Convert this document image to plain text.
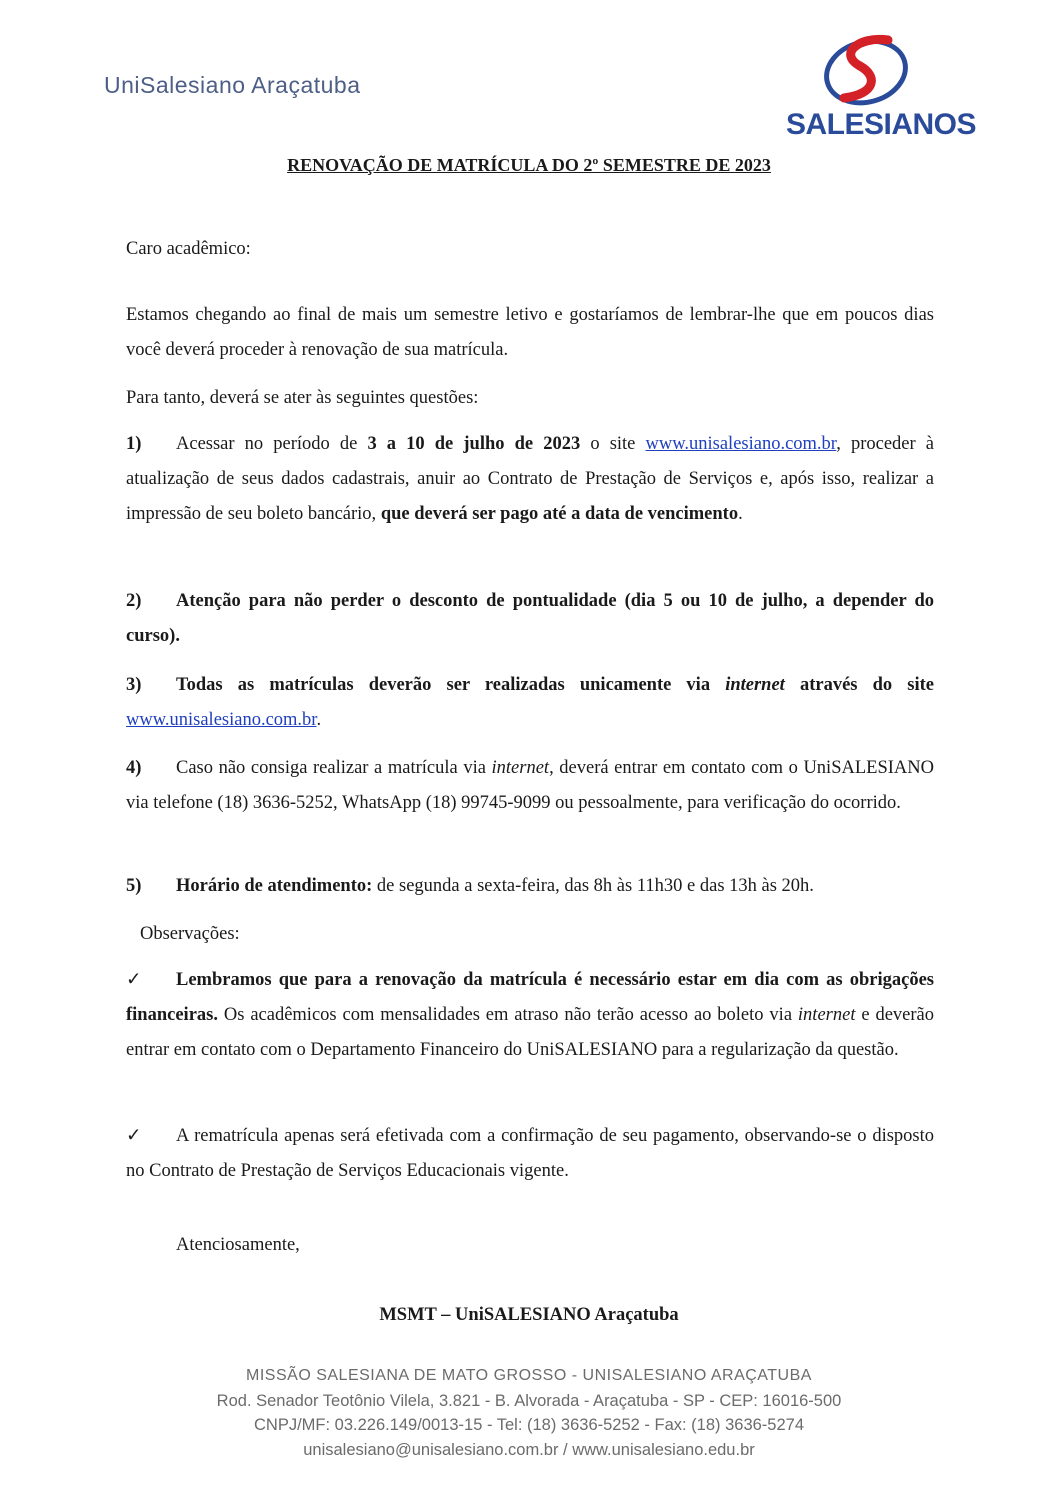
UniSalesiano Araçatuba
SALESIANOS
RENOVAÇÃO DE MATRÍCULA DO 2º SEMESTRE DE 2023
Caro acadêmico:
Estamos chegando ao final de mais um semestre letivo e gostaríamos de lembrar-lhe que em poucos dias você deverá proceder à renovação de sua matrícula.
Para tanto, deverá se ater às seguintes questões:
1) Acessar no período de 3 a 10 de julho de 2023 o site www.unisalesiano.com.br, proceder à atualização de seus dados cadastrais, anuir ao Contrato de Prestação de Serviços e, após isso, realizar a impressão de seu boleto bancário, que deverá ser pago até a data de vencimento.
2) Atenção para não perder o desconto de pontualidade (dia 5 ou 10 de julho, a depender do curso).
3) Todas as matrículas deverão ser realizadas unicamente via internet através do site www.unisalesiano.com.br.
4) Caso não consiga realizar a matrícula via internet, deverá entrar em contato com o UniSALESIANO via telefone (18) 3636-5252, WhatsApp (18) 99745-9099 ou pessoalmente, para verificação do ocorrido.
5) Horário de atendimento: de segunda a sexta-feira, das 8h às 11h30 e das 13h às 20h.
Observações:
✓ Lembramos que para a renovação da matrícula é necessário estar em dia com as obrigações financeiras. Os acadêmicos com mensalidades em atraso não terão acesso ao boleto via internet e deverão entrar em contato com o Departamento Financeiro do UniSALESIANO para a regularização da questão.
✓ A rematrícula apenas será efetivada com a confirmação de seu pagamento, observando-se o disposto no Contrato de Prestação de Serviços Educacionais vigente.
Atenciosamente,
MSMT – UniSALESIANO Araçatuba
MISSÃO SALESIANA DE MATO GROSSO - UNISALESIANO ARAÇATUBA
Rod. Senador Teotônio Vilela, 3.821 - B. Alvorada - Araçatuba - SP - CEP: 16016-500
CNPJ/MF: 03.226.149/0013-15 - Tel: (18) 3636-5252 - Fax: (18) 3636-5274
unisalesiano@unisalesiano.com.br / www.unisalesiano.edu.br
